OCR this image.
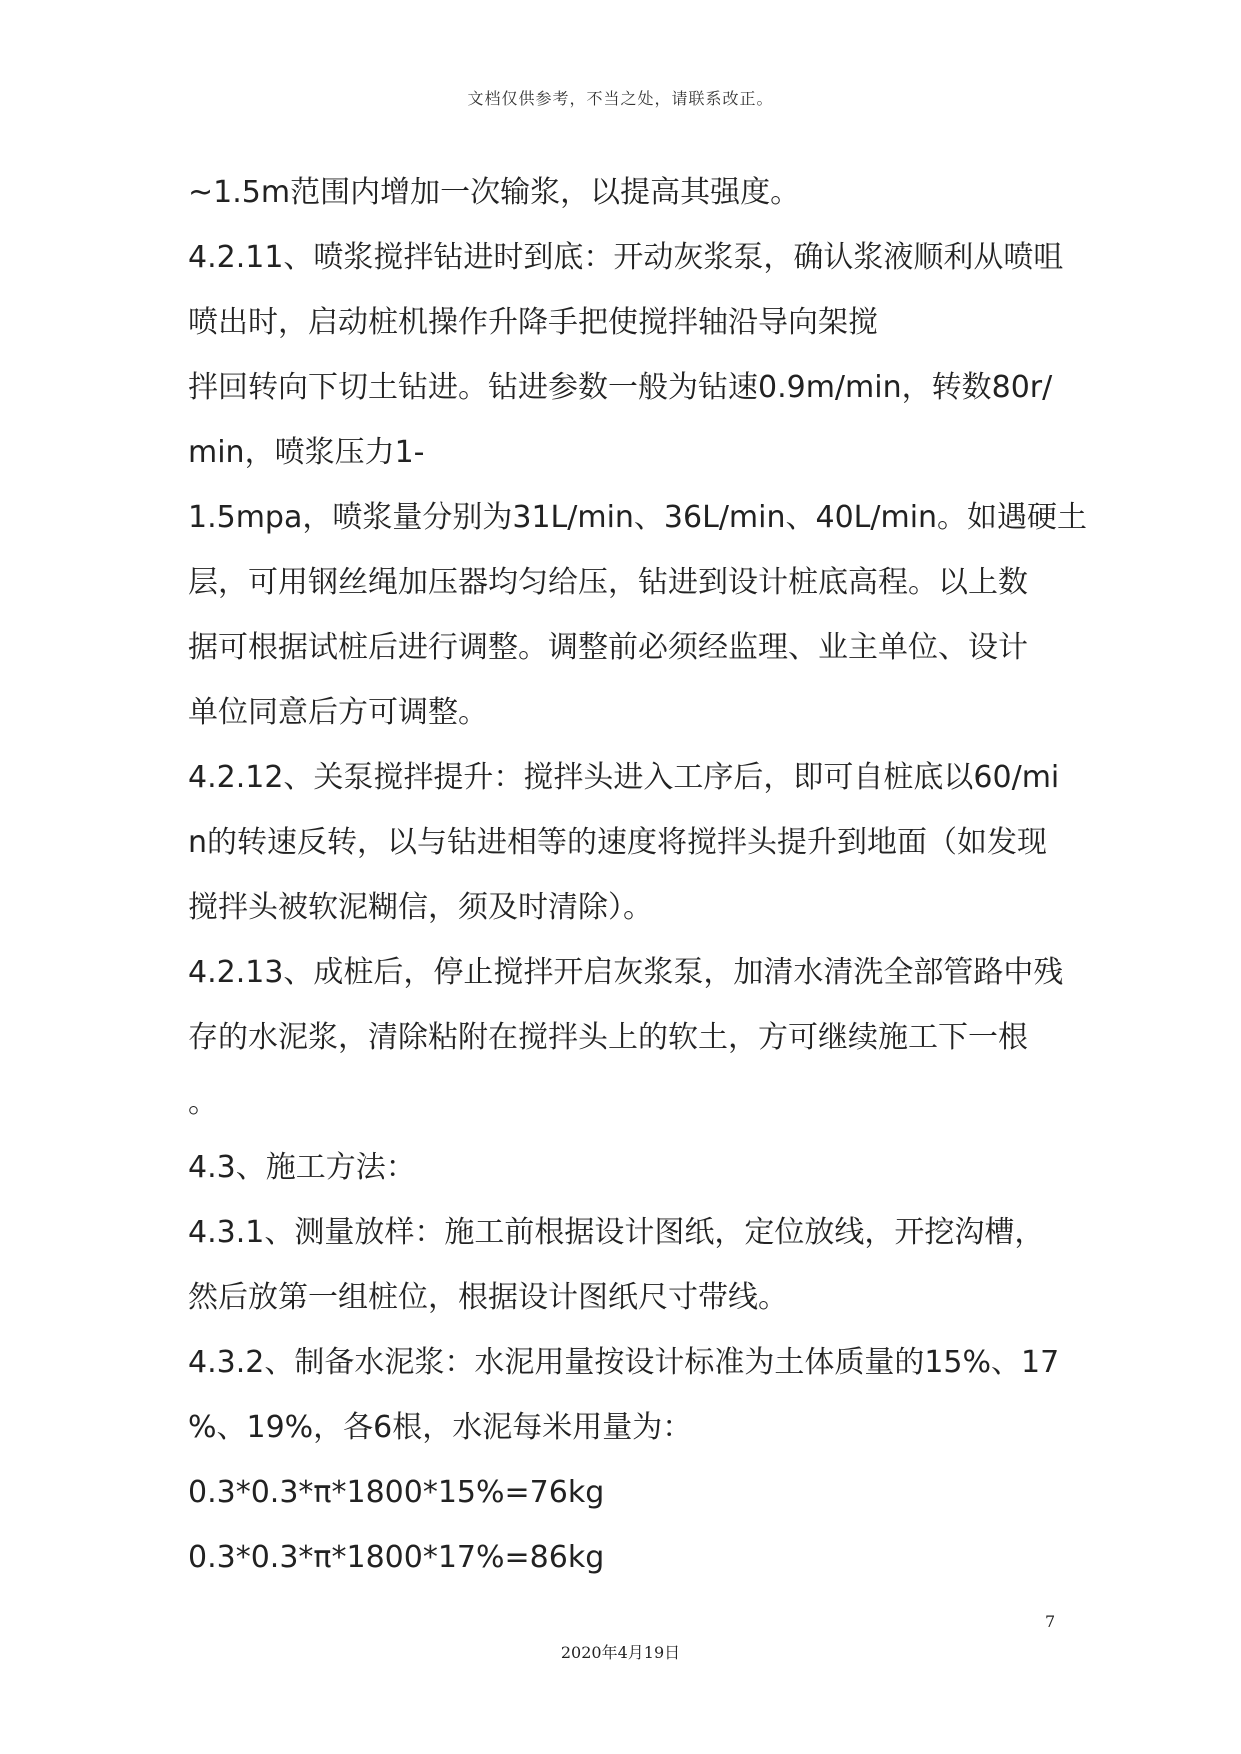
文档仅供参考，不当之处，请联系改正。
~1.5m范围内增加一次输浆，以提高其强度。
4.2.11、喷浆搅拌钻进时到底：开动灰浆泵，确认浆液顺利从喷咀
喷出时，启动桩机操作升降手把使搅拌轴沿导向架搅
拌回转向下切土钻进。钻进参数一般为钻速0.9m/min，转数80r/
min，喷浆压力1-
1.5mpa，喷浆量分别为31L/min、36L/min、40L/min。如遇硬土
层，可用钢丝绳加压器均匀给压，钻进到设计桩底高程。以上数
据可根据试桩后进行调整。调整前必须经监理、业主单位、设计
单位同意后方可调整。
4.2.12、关泵搅拌提升：搅拌头进入工序后，即可自桩底以60/mi
n的转速反转，以与钻进相等的速度将搅拌头提升到地面（如发现
搅拌头被软泥糊信，须及时清除）。
4.2.13、成桩后，停止搅拌开启灰浆泵，加清水清洗全部管路中残
存的水泥浆，清除粘附在搅拌头上的软土，方可继续施工下一根
。
4.3、施工方法：
4.3.1、测量放样：施工前根据设计图纸，定位放线，开挖沟槽，
然后放第一组桩位，根据设计图纸尺寸带线。
4.3.2、制备水泥浆：水泥用量按设计标准为土体质量的15%、17
%、19%，各6根，水泥每米用量为：
0.3*0.3*π*1800*15%=76kg
0.3*0.3*π*1800*17%=86kg
7
2020年4月19日
